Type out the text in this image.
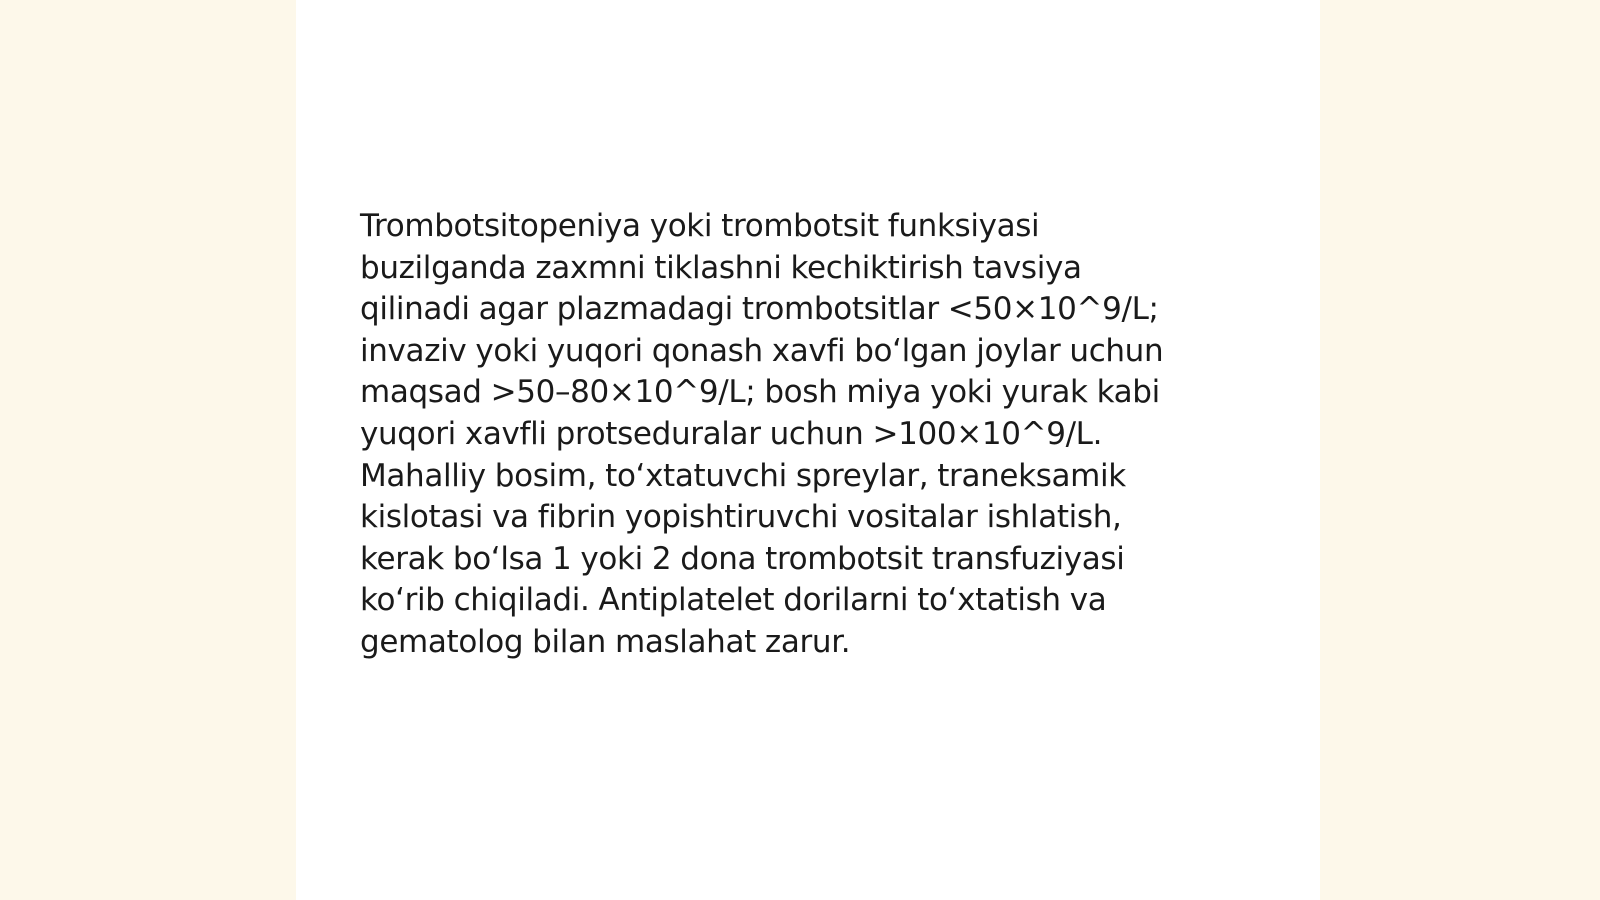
Trombotsitopeniya yoki trombotsit funksiyasi
buzilganda zaxmni tiklashni kechiktirish tavsiya
qilinadi agar plazmadagi trombotsitlar <50×10^9/L;
invaziv yoki yuqori qonash xavfi boʻlgan joylar uchun
maqsad >50–80×10^9/L; bosh miya yoki yurak kabi
yuqori xavfli protseduralar uchun >100×10^9/L.
Mahalliy bosim, toʻxtatuvchi spreylar, traneksamik
kislotasi va fibrin yopishtiruvchi vositalar ishlatish,
kerak boʻlsa 1 yoki 2 dona trombotsit transfuziyasi
koʻrib chiqiladi. Antiplatelet dorilarni toʻxtatish va
gematolog bilan maslahat zarur.
